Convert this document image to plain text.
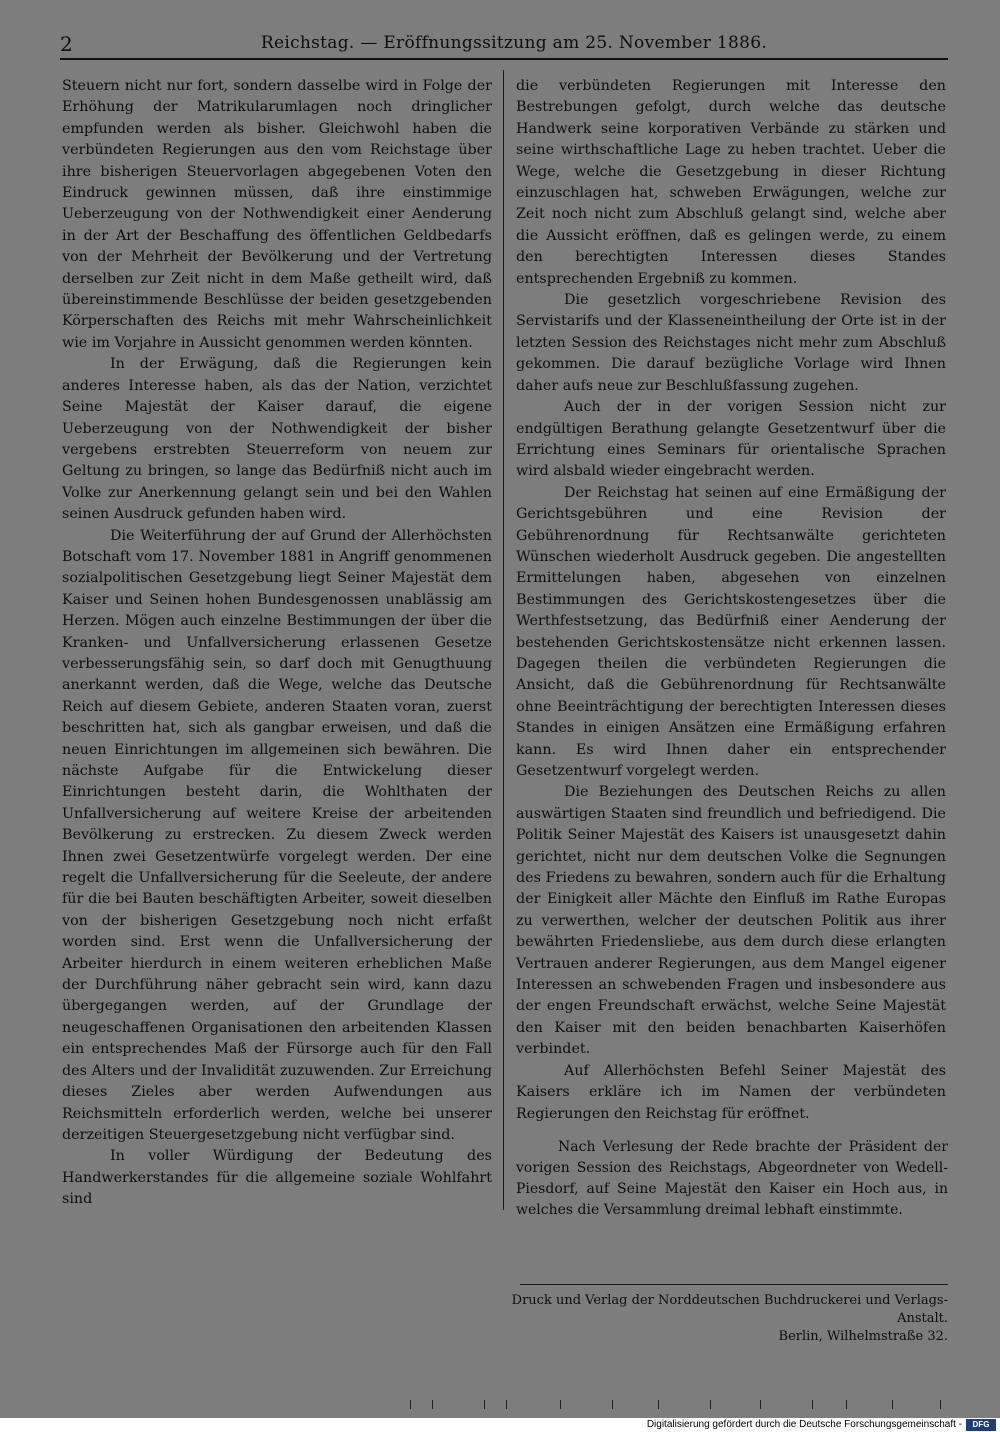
2	Reichstag. — Eröffnungssitzung am 25. November 1886.

Steuern nicht nur fort, sondern dasselbe wird in Folge der Erhöhung der Matrikularumlagen noch dringlicher empfunden werden als bisher. Gleichwohl haben die verbündeten Regierungen aus den vom Reichstage über ihre bisherigen Steuervorlagen abgegebenen Voten den Eindruck gewinnen müssen, daß ihre einstimmige Ueberzeugung von der Nothwendigkeit einer Aenderung in der Art der Beschaffung des öffentlichen Geldbedarfs von der Mehrheit der Bevölkerung und der Vertretung derselben zur Zeit nicht in dem Maße getheilt wird, daß übereinstimmende Beschlüsse der beiden gesetzgebenden Körperschaften des Reichs mit mehr Wahrscheinlichkeit wie im Vorjahre in Aussicht genommen werden könnten.

In der Erwägung, daß die Regierungen kein anderes Interesse haben, als das der Nation, verzichtet Seine Majestät der Kaiser darauf, die eigene Ueberzeugung von der Nothwendigkeit der bisher vergebens erstrebten Steuerreform von neuem zur Geltung zu bringen, so lange das Bedürfniß nicht auch im Volke zur Anerkennung gelangt sein und bei den Wahlen seinen Ausdruck gefunden haben wird.

Die Weiterführung der auf Grund der Allerhöchsten Botschaft vom 17. November 1881 in Angriff genommenen sozialpolitischen Gesetzgebung liegt Seiner Majestät dem Kaiser und Seinen hohen Bundesgenossen unablässig am Herzen. Mögen auch einzelne Bestimmungen der über die Kranken- und Unfallversicherung erlassenen Gesetze verbesserungsfähig sein, so darf doch mit Genugthuung anerkannt werden, daß die Wege, welche das Deutsche Reich auf diesem Gebiete, anderen Staaten voran, zuerst beschritten hat, sich als gangbar erweisen, und daß die neuen Einrichtungen im allgemeinen sich bewähren. Die nächste Aufgabe für die Entwickelung dieser Einrichtungen besteht darin, die Wohlthaten der Unfallversicherung auf weitere Kreise der arbeitenden Bevölkerung zu erstrecken. Zu diesem Zweck werden Ihnen zwei Gesetzentwürfe vorgelegt werden. Der eine regelt die Unfallversicherung für die Seeleute, der andere für die bei Bauten beschäftigten Arbeiter, soweit dieselben von der bisherigen Gesetzgebung noch nicht erfaßt worden sind. Erst wenn die Unfallversicherung der Arbeiter hierdurch in einem weiteren erheblichen Maße der Durchführung näher gebracht sein wird, kann dazu übergegangen werden, auf der Grundlage der neugeschaffenen Organisationen den arbeitenden Klassen ein entsprechendes Maß der Fürsorge auch für den Fall des Alters und der Invalidität zuzuwenden. Zur Erreichung dieses Zieles aber werden Aufwendungen aus Reichsmitteln erforderlich werden, welche bei unserer derzeitigen Steuergesetzgebung nicht verfügbar sind.

In voller Würdigung der Bedeutung des Handwerkerstandes für die allgemeine soziale Wohlfahrt sind

die verbündeten Regierungen mit Interesse den Bestrebungen gefolgt, durch welche das deutsche Handwerk seine korporativen Verbände zu stärken und seine wirthschaftliche Lage zu heben trachtet. Ueber die Wege, welche die Gesetzgebung in dieser Richtung einzuschlagen hat, schweben Erwägungen, welche zur Zeit noch nicht zum Abschluß gelangt sind, welche aber die Aussicht eröffnen, daß es gelingen werde, zu einem den berechtigten Interessen dieses Standes entsprechenden Ergebniß zu kommen.

Die gesetzlich vorgeschriebene Revision des Servistarifs und der Klasseneintheilung der Orte ist in der letzten Session des Reichstages nicht mehr zum Abschluß gekommen. Die darauf bezügliche Vorlage wird Ihnen daher aufs neue zur Beschlußfassung zugehen.

Auch der in der vorigen Session nicht zur endgültigen Berathung gelangte Gesetzentwurf über die Errichtung eines Seminars für orientalische Sprachen wird alsbald wieder eingebracht werden.

Der Reichstag hat seinen auf eine Ermäßigung der Gerichtsgebühren und eine Revision der Gebührenordnung für Rechtsanwälte gerichteten Wünschen wiederholt Ausdruck gegeben. Die angestellten Ermittelungen haben, abgesehen von einzelnen Bestimmungen des Gerichtskostengesetzes über die Werthfestsetzung, das Bedürfniß einer Aenderung der bestehenden Gerichtskostensätze nicht erkennen lassen. Dagegen theilen die verbündeten Regierungen die Ansicht, daß die Gebührenordnung für Rechtsanwälte ohne Beeinträchtigung der berechtigten Interessen dieses Standes in einigen Ansätzen eine Ermäßigung erfahren kann. Es wird Ihnen daher ein entsprechender Gesetzentwurf vorgelegt werden.

Die Beziehungen des Deutschen Reichs zu allen auswärtigen Staaten sind freundlich und befriedigend. Die Politik Seiner Majestät des Kaisers ist unausgesetzt dahin gerichtet, nicht nur dem deutschen Volke die Segnungen des Friedens zu bewahren, sondern auch für die Erhaltung der Einigkeit aller Mächte den Einfluß im Rathe Europas zu verwerthen, welcher der deutschen Politik aus ihrer bewährten Friedensliebe, aus dem durch diese erlangten Vertrauen anderer Regierungen, aus dem Mangel eigener Interessen an schwebenden Fragen und insbesondere aus der engen Freundschaft erwächst, welche Seine Majestät den Kaiser mit den beiden benachbarten Kaiserhöfen verbindet.

Auf Allerhöchsten Befehl Seiner Majestät des Kaisers erkläre ich im Namen der verbündeten Regierungen den Reichstag für eröffnet.

Nach Verlesung der Rede brachte der Präsident der vorigen Session des Reichstags, Abgeordneter von Wedell-Piesdorf, auf Seine Majestät den Kaiser ein Hoch aus, in welches die Versammlung dreimal lebhaft einstimmte.

Druck und Verlag der Norddeutschen Buchdruckerei und Verlags-Anstalt.
Berlin, Wilhelmstraße 32.
Digitalisierung gefördert durch die Deutsche Forschungsgemeinschaft -	DFG
